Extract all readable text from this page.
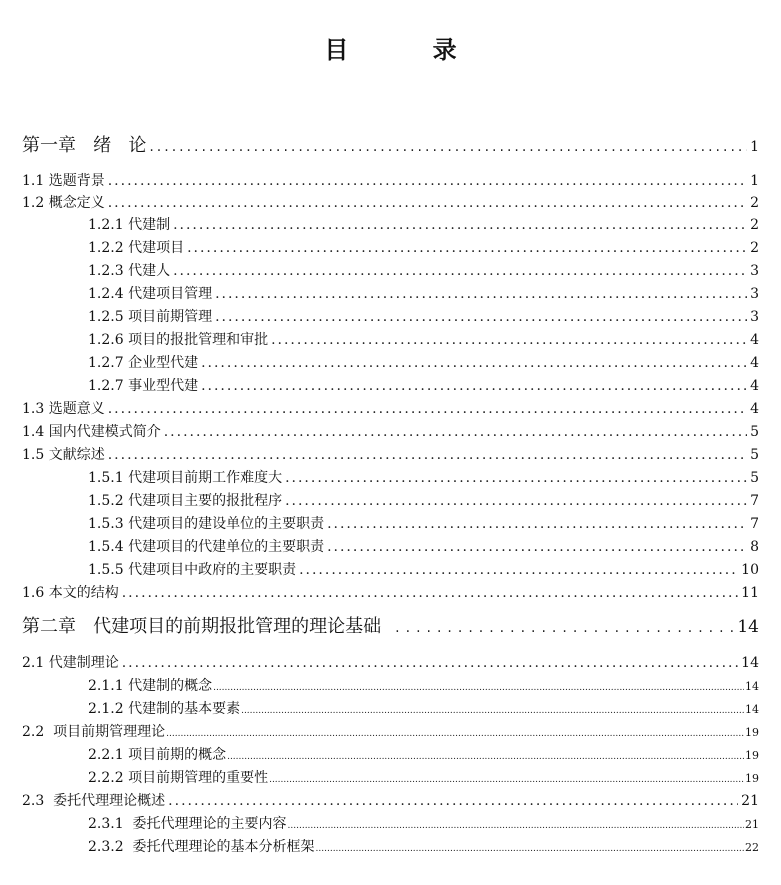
目 录
第一章   绪   论 .....	1
1.1 选题背景 .....	1
1.2 概念定义 .....	2
1.2.1 代建制 .....	2
1.2.2 代建项目 .....	2
1.2.3 代建人 .....	3
1.2.4 代建项目管理 .....	3
1.2.5 项目前期管理 .....	3
1.2.6 项目的报批管理和审批 .....	4
1.2.7 企业型代建 .....	4
1.2.7 事业型代建 .....	4
1.3 选题意义 .....	4
1.4 国内代建模式简介 .....	5
1.5 文献综述 .....	5
1.5.1 代建项目前期工作难度大 .....	5
1.5.2 代建项目主要的报批程序 .....	7
1.5.3 代建项目的建设单位的主要职责 .....	7
1.5.4 代建项目的代建单位的主要职责 .....	8
1.5.5 代建项目中政府的主要职责 .....	10
1.6 本文的结构 .....	11
第二章   代建项目的前期报批管理的理论基础 .....	14
2.1 代建制理论 .....	14
2.1.1 代建制的概念 .....	14
2.1.2 代建制的基本要素 .....	14
2.2  项目前期管理理论 .....	19
2.2.1 项目前期的概念 .....	19
2.2.2 项目前期管理的重要性 .....	19
2.3  委托代理理论概述 .....	21
2.3.1  委托代理理论的主要内容 .....	21
2.3.2  委托代理理论的基本分析框架 .....	22
